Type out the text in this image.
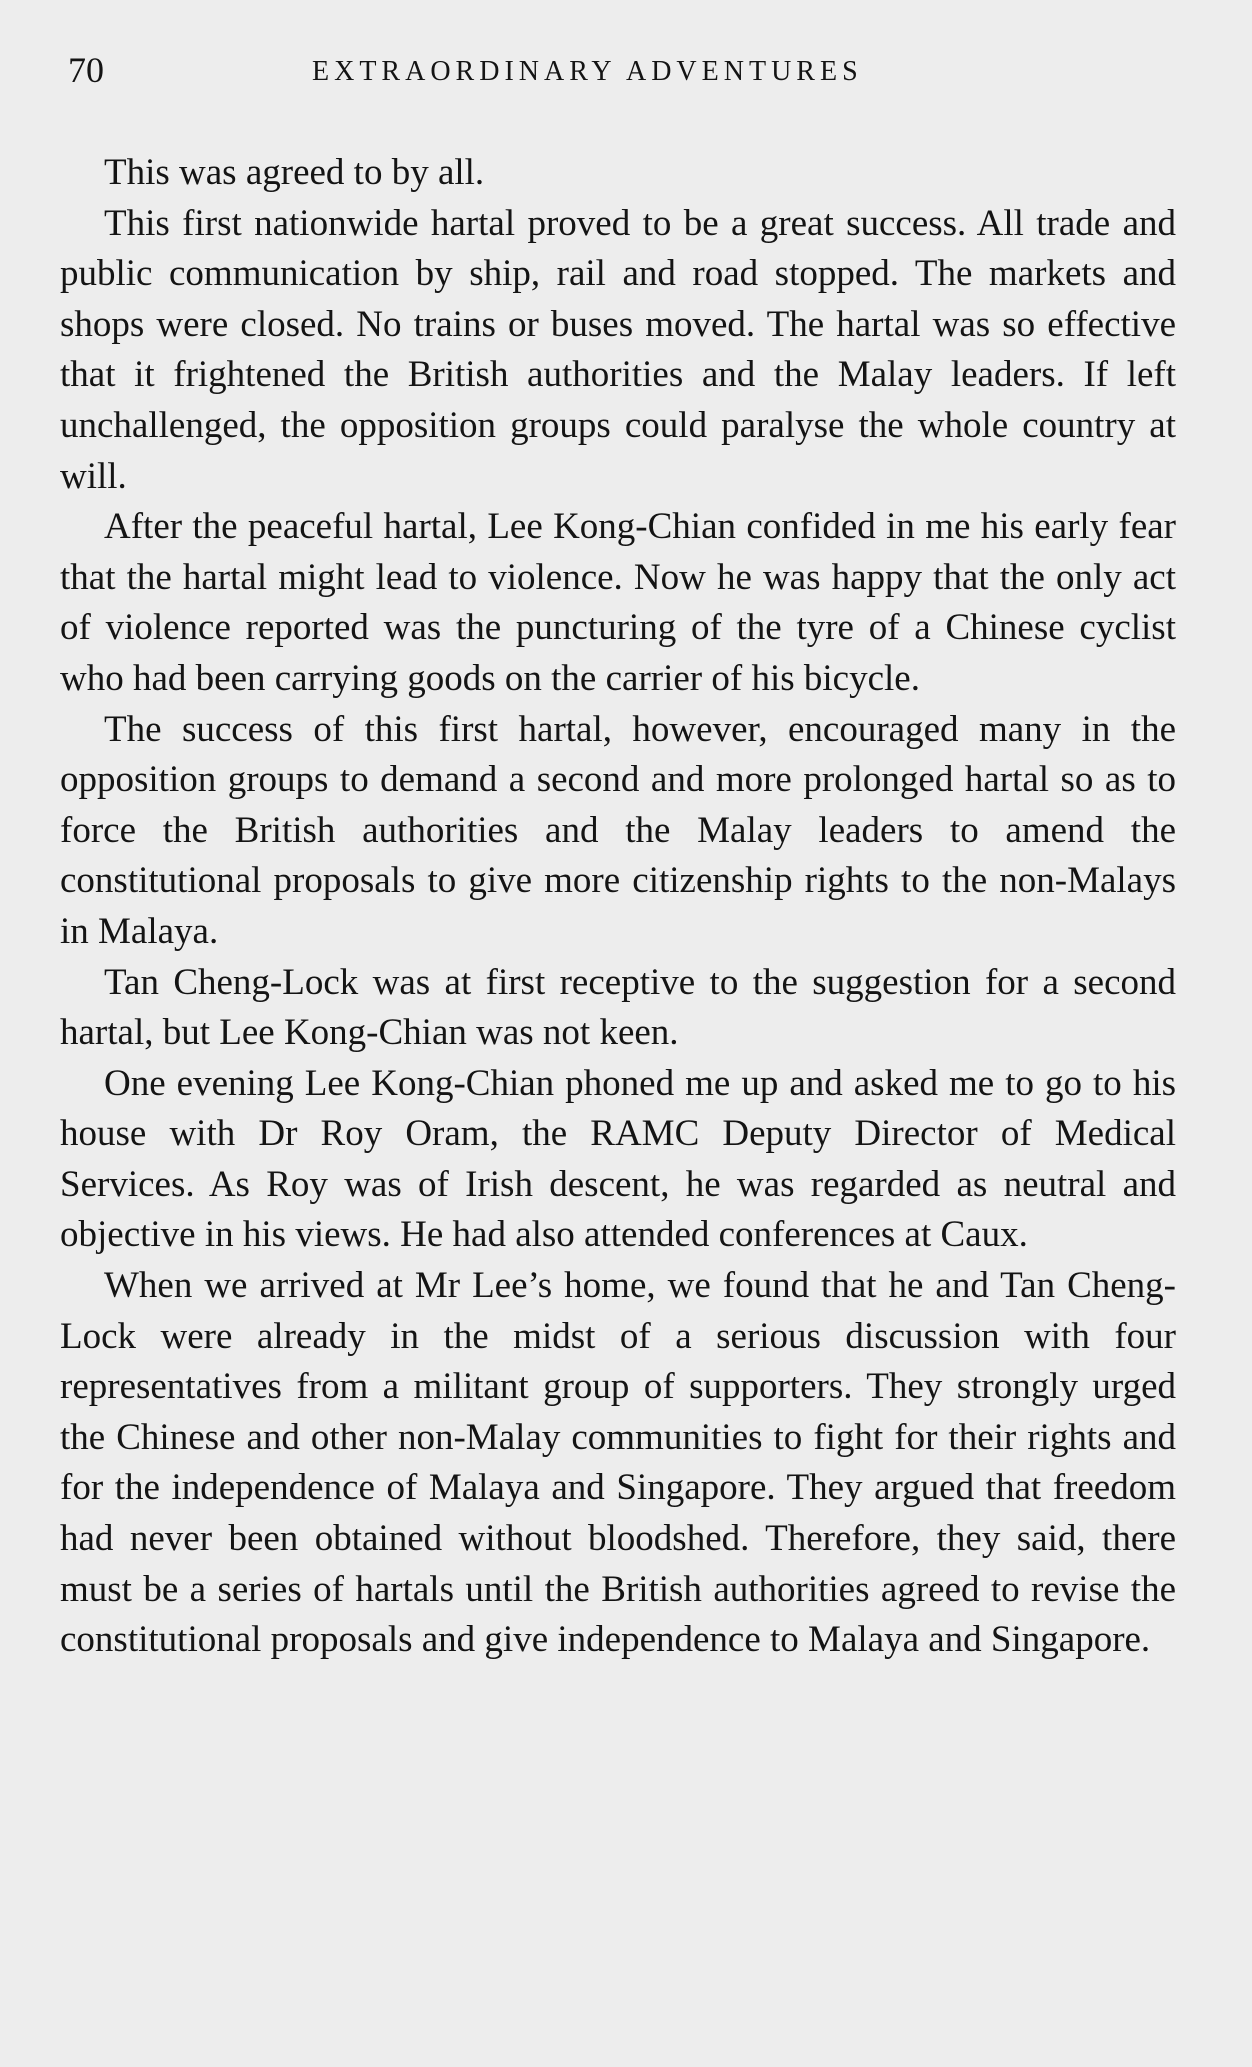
70	EXTRAORDINARY ADVENTURES

This was agreed to by all.

This first nationwide hartal proved to be a great success. All trade and public communication by ship, rail and road stopped. The markets and shops were closed. No trains or buses moved. The hartal was so effective that it frightened the British authorities and the Malay leaders. If left unchallenged, the opposition groups could paralyse the whole country at will.

After the peaceful hartal, Lee Kong-Chian confided in me his early fear that the hartal might lead to violence. Now he was happy that the only act of violence reported was the puncturing of the tyre of a Chinese cyclist who had been carrying goods on the carrier of his bicycle.

The success of this first hartal, however, encouraged many in the opposition groups to demand a second and more prolonged hartal so as to force the British authorities and the Malay leaders to amend the constitutional proposals to give more citizenship rights to the non-Malays in Malaya.

Tan Cheng-Lock was at first receptive to the suggestion for a second hartal, but Lee Kong-Chian was not keen.

One evening Lee Kong-Chian phoned me up and asked me to go to his house with Dr Roy Oram, the RAMC Deputy Director of Medical Services. As Roy was of Irish descent, he was regarded as neutral and objective in his views. He had also attended conferences at Caux.

When we arrived at Mr Lee’s home, we found that he and Tan Cheng-Lock were already in the midst of a serious discussion with four representatives from a militant group of supporters. They strongly urged the Chinese and other non-Malay communities to fight for their rights and for the independence of Malaya and Singapore. They argued that freedom had never been obtained without bloodshed. Therefore, they said, there must be a series of hartals until the British authorities agreed to revise the constitutional proposals and give independence to Malaya and Singapore.
